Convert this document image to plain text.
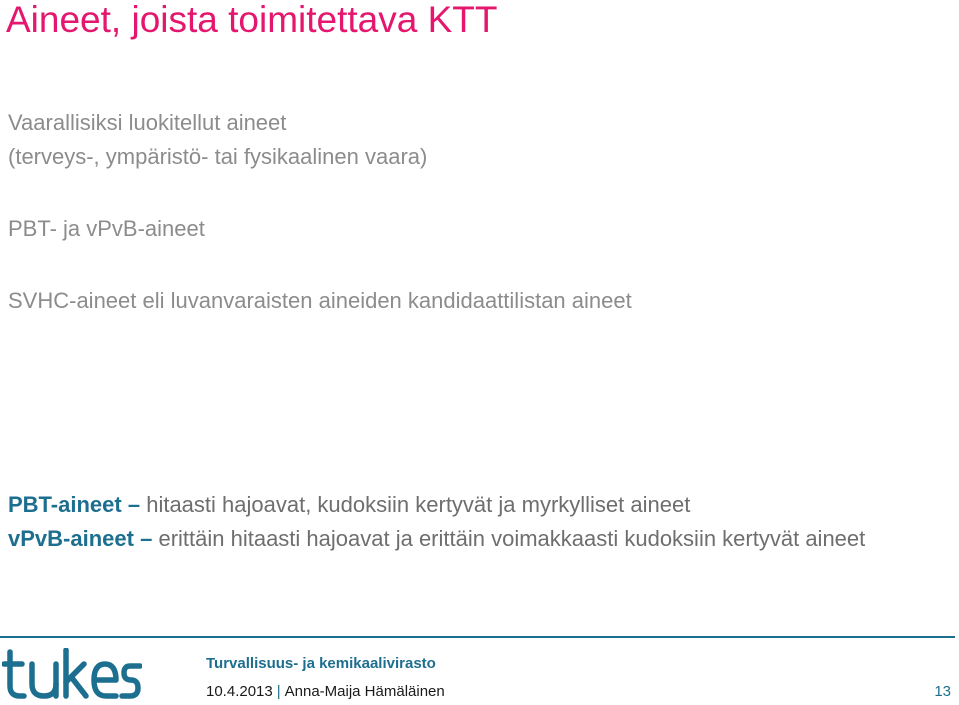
Aineet, joista toimitettava KTT
Vaarallisiksi luokitellut aineet
(terveys-, ympäristö- tai fysikaalinen vaara)
PBT- ja vPvB-aineet
SVHC-aineet eli luvanvaraisten aineiden kandidaattilistan aineet
PBT-aineet – hitaasti hajoavat, kudoksiin kertyvät ja myrkylliset aineet
vPvB-aineet – erittäin hitaasti hajoavat ja erittäin voimakkaasti kudoksiin kertyvät aineet
tukes
Turvallisuus- ja kemikaalivirasto
10.4.2013 | Anna-Maija Hämäläinen	13
